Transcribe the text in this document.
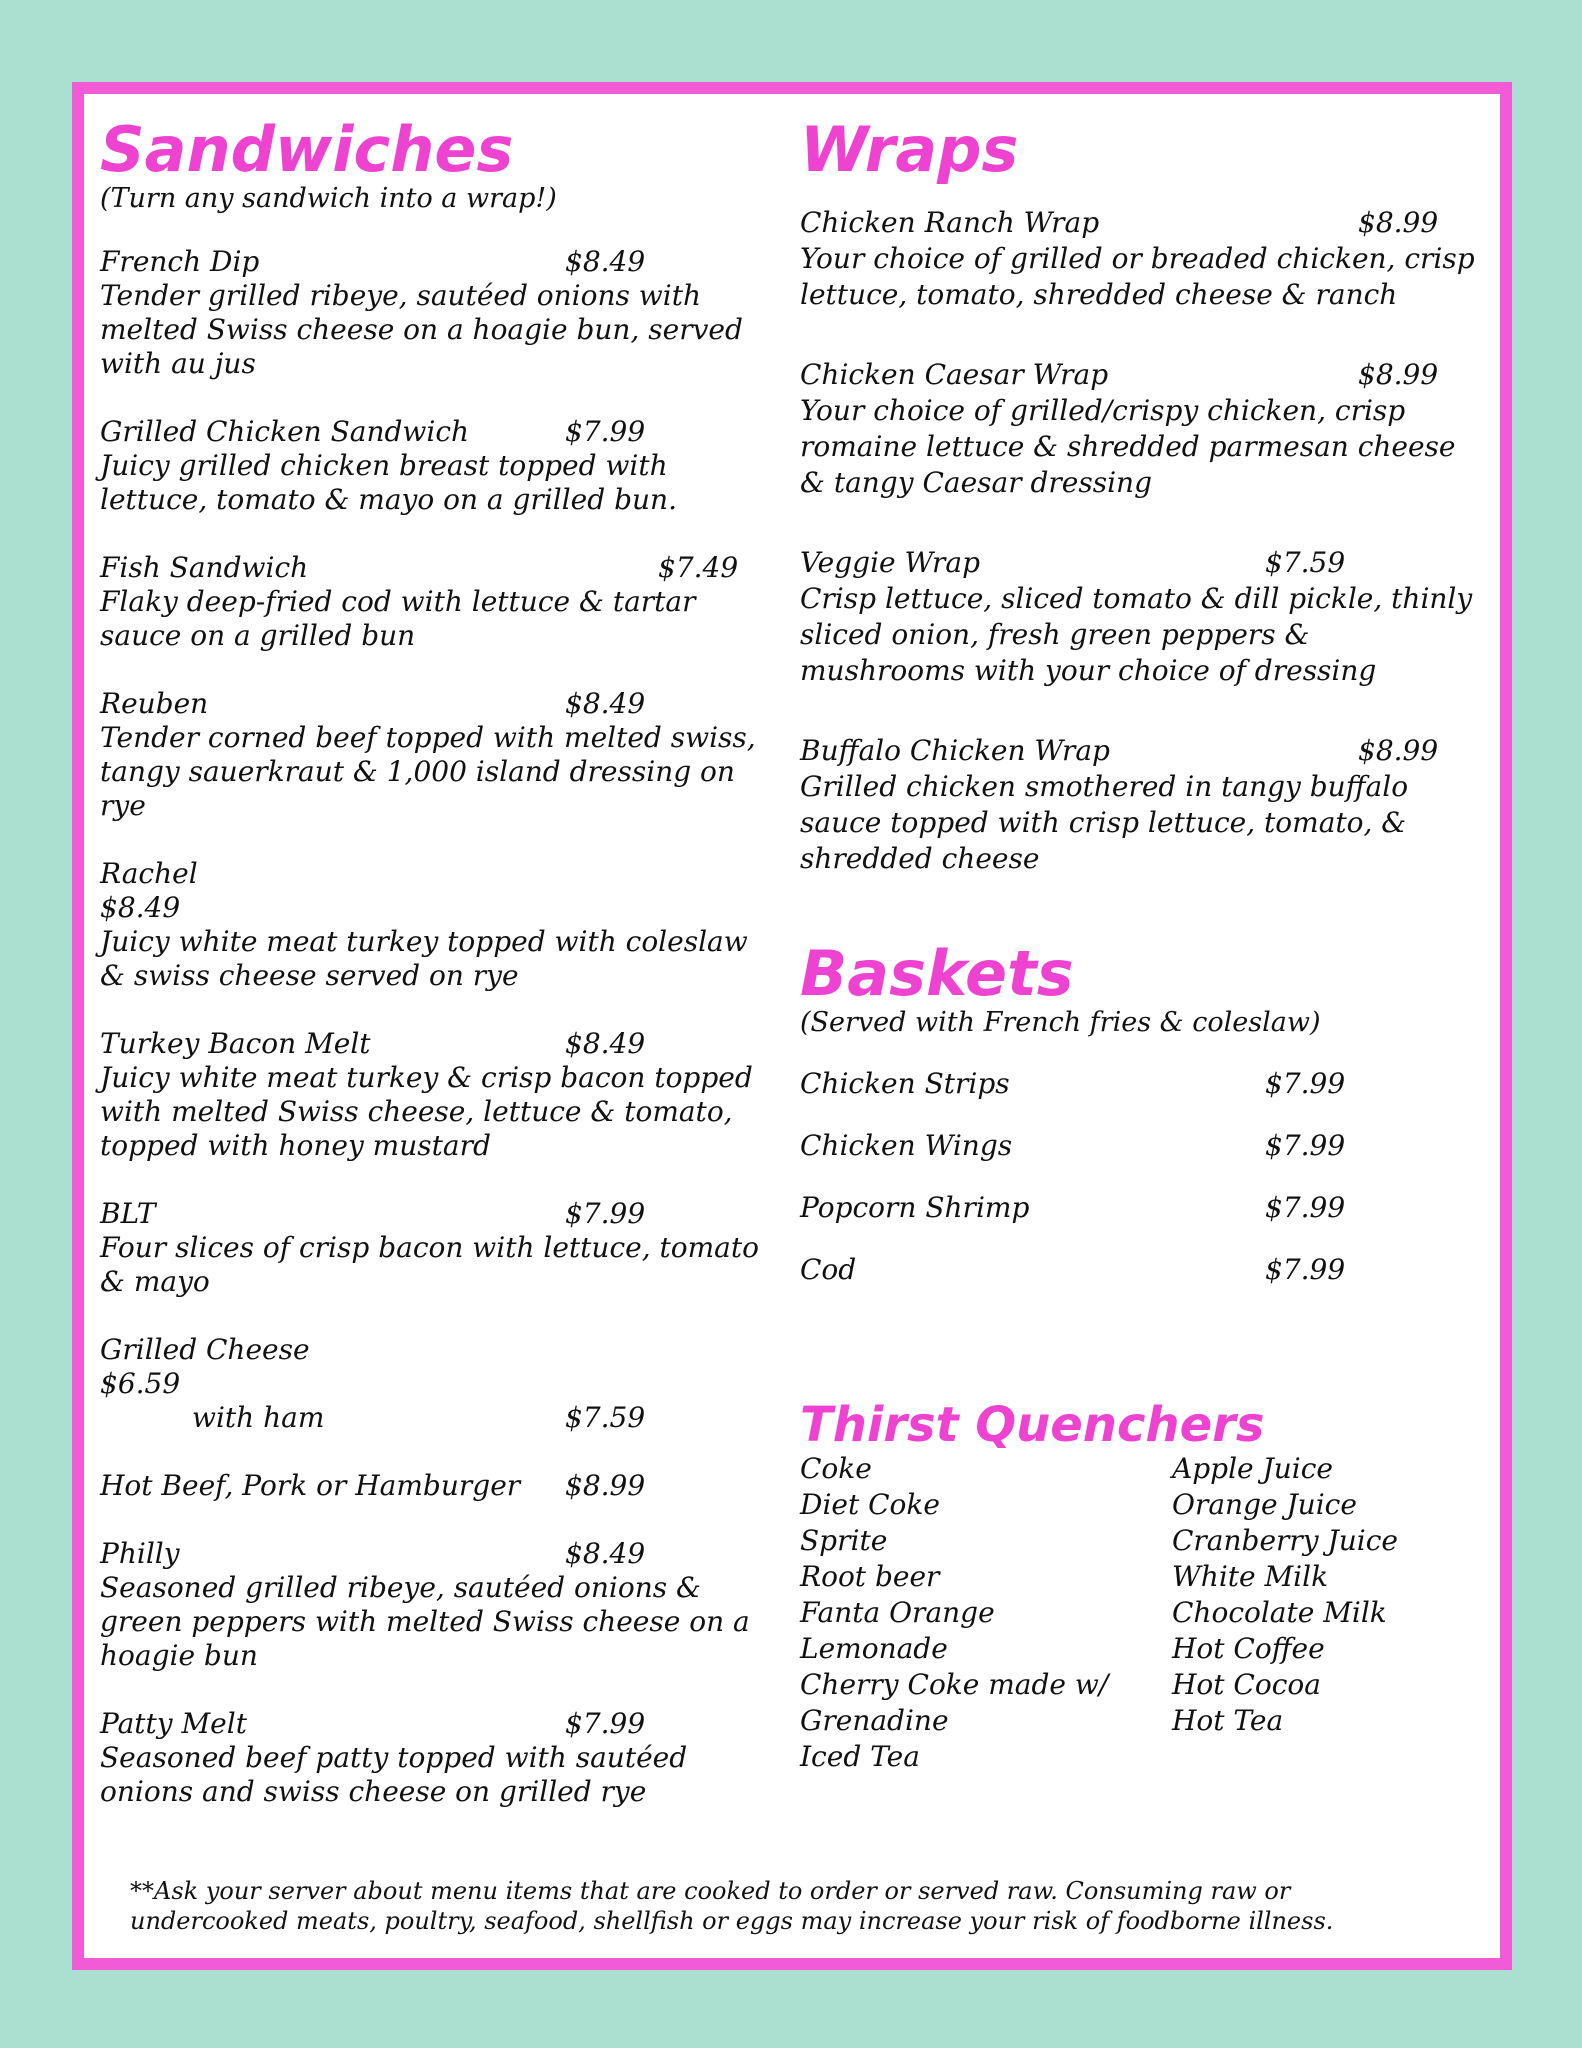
Sandwiches
(Turn any sandwich into a wrap!)
French Dip	$8.49
Tender grilled ribeye, sautéed onions with melted Swiss cheese on a hoagie bun, served with au jus
Grilled Chicken Sandwich	$7.99
Juicy grilled chicken breast topped with lettuce, tomato & mayo on a grilled bun.
Fish Sandwich	$7.49
Flaky deep-fried cod with lettuce & tartar sauce on a grilled bun
Reuben	$8.49
Tender corned beef topped with melted swiss, tangy sauerkraut & 1,000 island dressing on rye
Rachel
$8.49
Juicy white meat turkey topped with coleslaw & swiss cheese served on rye
Turkey Bacon Melt	$8.49
Juicy white meat turkey & crisp bacon topped with melted Swiss cheese, lettuce & tomato, topped with honey mustard
BLT	$7.99
Four slices of crisp bacon with lettuce, tomato & mayo
Grilled Cheese
$6.59
with ham	$7.59
Hot Beef, Pork or Hamburger $8.99
Philly	$8.49
Seasoned grilled ribeye, sautéed onions & green peppers with melted Swiss cheese on a hoagie bun
Patty Melt	$7.99
Seasoned beef patty topped with sautéed onions and swiss cheese on grilled rye
Wraps
Chicken Ranch Wrap	$8.99
Your choice of grilled or breaded chicken, crisp lettuce, tomato, shredded cheese & ranch
Chicken Caesar Wrap	$8.99
Your choice of grilled/crispy chicken, crisp romaine lettuce & shredded parmesan cheese & tangy Caesar dressing
Veggie Wrap	$7.59
Crisp lettuce, sliced tomato & dill pickle, thinly sliced onion, fresh green peppers & mushrooms with your choice of dressing
Buffalo Chicken Wrap	$8.99
Grilled chicken smothered in tangy buffalo sauce topped with crisp lettuce, tomato, & shredded cheese
Baskets
(Served with French fries & coleslaw)
Chicken Strips	$7.99
Chicken Wings	$7.99
Popcorn Shrimp	$7.99
Cod	$7.99
Thirst Quenchers
Coke
Diet Coke
Sprite
Root beer
Fanta Orange
Lemonade
Cherry Coke made w/
Grenadine
Iced Tea
Apple Juice
Orange Juice
Cranberry Juice
White Milk
Chocolate Milk
Hot Coffee
Hot Cocoa
Hot Tea
**Ask your server about menu items that are cooked to order or served raw. Consuming raw or undercooked meats, poultry, seafood, shellfish or eggs may increase your risk of foodborne illness.
